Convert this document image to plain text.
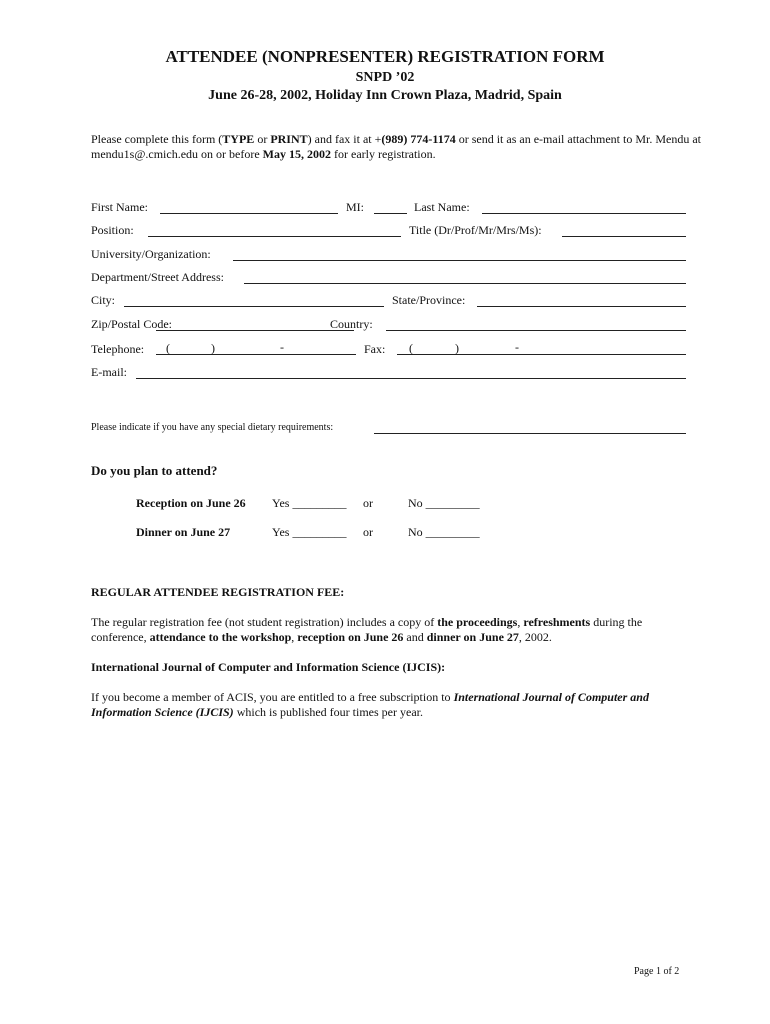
ATTENDEE (NONPRESENTER) REGISTRATION FORM
SNPD ’02
June 26-28, 2002, Holiday Inn Crown Plaza, Madrid, Spain
Please complete this form (TYPE or PRINT) and fax it at +(989) 774-1174 or send it as an e-mail attachment to Mr. Mendu at mendu1s@.cmich.edu on or before May 15, 2002 for early registration.
First Name:	MI:	Last Name:
Position:	Title (Dr/Prof/Mr/Mrs/Ms):
University/Organization:
Department/Street Address:
City:	State/Province:
Zip/Postal Code:	Country:
Telephone: (	)	-	Fax: (	)	-
E-mail:
Please indicate if you have any special dietary requirements:
Do you plan to attend?
Reception on June 26 Yes _________ or	No _________
Dinner on June 27	Yes _________ or	No _________
REGULAR ATTENDEE REGISTRATION FEE:
The regular registration fee (not student registration) includes a copy of the proceedings, refreshments during the conference, attendance to the workshop, reception on June 26 and dinner on June 27, 2002.
International Journal of Computer and Information Science (IJCIS):
If you become a member of ACIS, you are entitled to a free subscription to International Journal of Computer and Information Science (IJCIS) which is published four times per year.
Page 1 of 2
